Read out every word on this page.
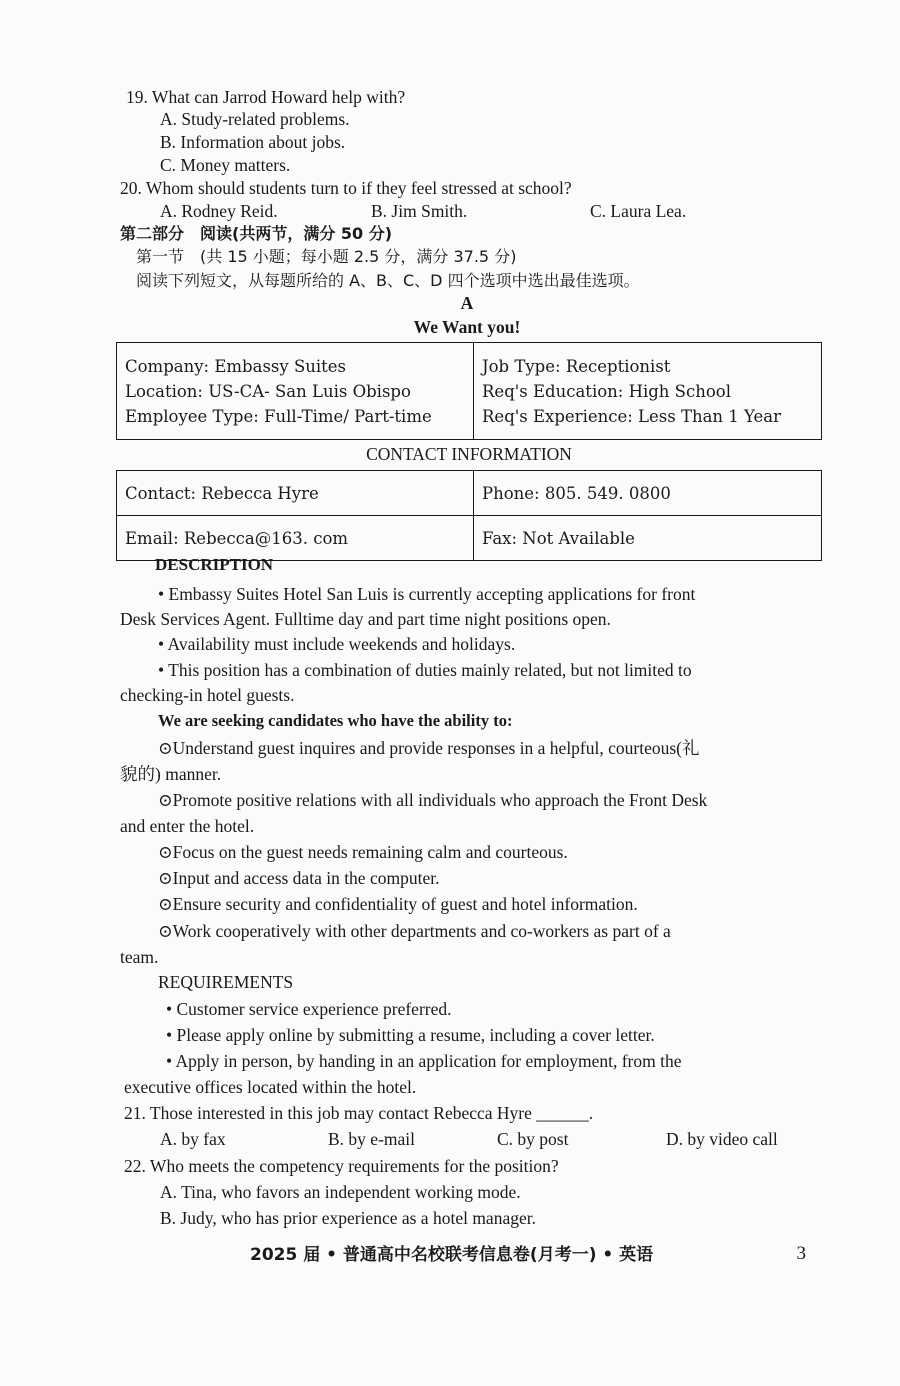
19. What can Jarrod Howard help with?
A. Study-related problems.
B. Information about jobs.
C. Money matters.
20. Whom should students turn to if they feel stressed at school?
A. Rodney Reid.	B. Jim Smith.	C. Laura Lea.
第二部分　阅读(共两节，满分 50 分)
第一节　(共 15 小题；每小题 2.5 分，满分 37.5 分)
阅读下列短文，从每题所给的 A、B、C、D 四个选项中选出最佳选项。
A
We Want you!
Company: Embassy Suites
Location: US-CA- San Luis Obispo
Employee Type: Full-Time/ Part-time

Job Type: Receptionist
Req's Education: High School
Req's Experience: Less Than 1 Year
CONTACT INFORMATION
Contact: Rebecca Hyre	Phone: 805. 549. 0800
Email: Rebecca@163. com	Fax: Not Available
DESCRIPTION
• Embassy Suites Hotel San Luis is currently accepting applications for front
Desk Services Agent. Fulltime day and part time night positions open.
• Availability must include weekends and holidays.
• This position has a combination of duties mainly related, but not limited to
checking-in hotel guests.
We are seeking candidates who have the ability to:
⊙Understand guest inquires and provide responses in a helpful, courteous(礼
貌的) manner.
⊙Promote positive relations with all individuals who approach the Front Desk
and enter the hotel.
⊙Focus on the guest needs remaining calm and courteous.
⊙Input and access data in the computer.
⊙Ensure security and confidentiality of guest and hotel information.
⊙Work cooperatively with other departments and co-workers as part of a
team.
REQUIREMENTS
• Customer service experience preferred.
• Please apply online by submitting a resume, including a cover letter.
• Apply in person, by handing in an application for employment, from the
executive offices located within the hotel.
21. Those interested in this job may contact Rebecca Hyre ______.
A. by fax	B. by e-mail	C. by post	D. by video call
22. Who meets the competency requirements for the position?
A. Tina, who favors an independent working mode.
B. Judy, who has prior experience as a hotel manager.
2025 届 • 普通高中名校联考信息卷(月考一) • 英语	3
